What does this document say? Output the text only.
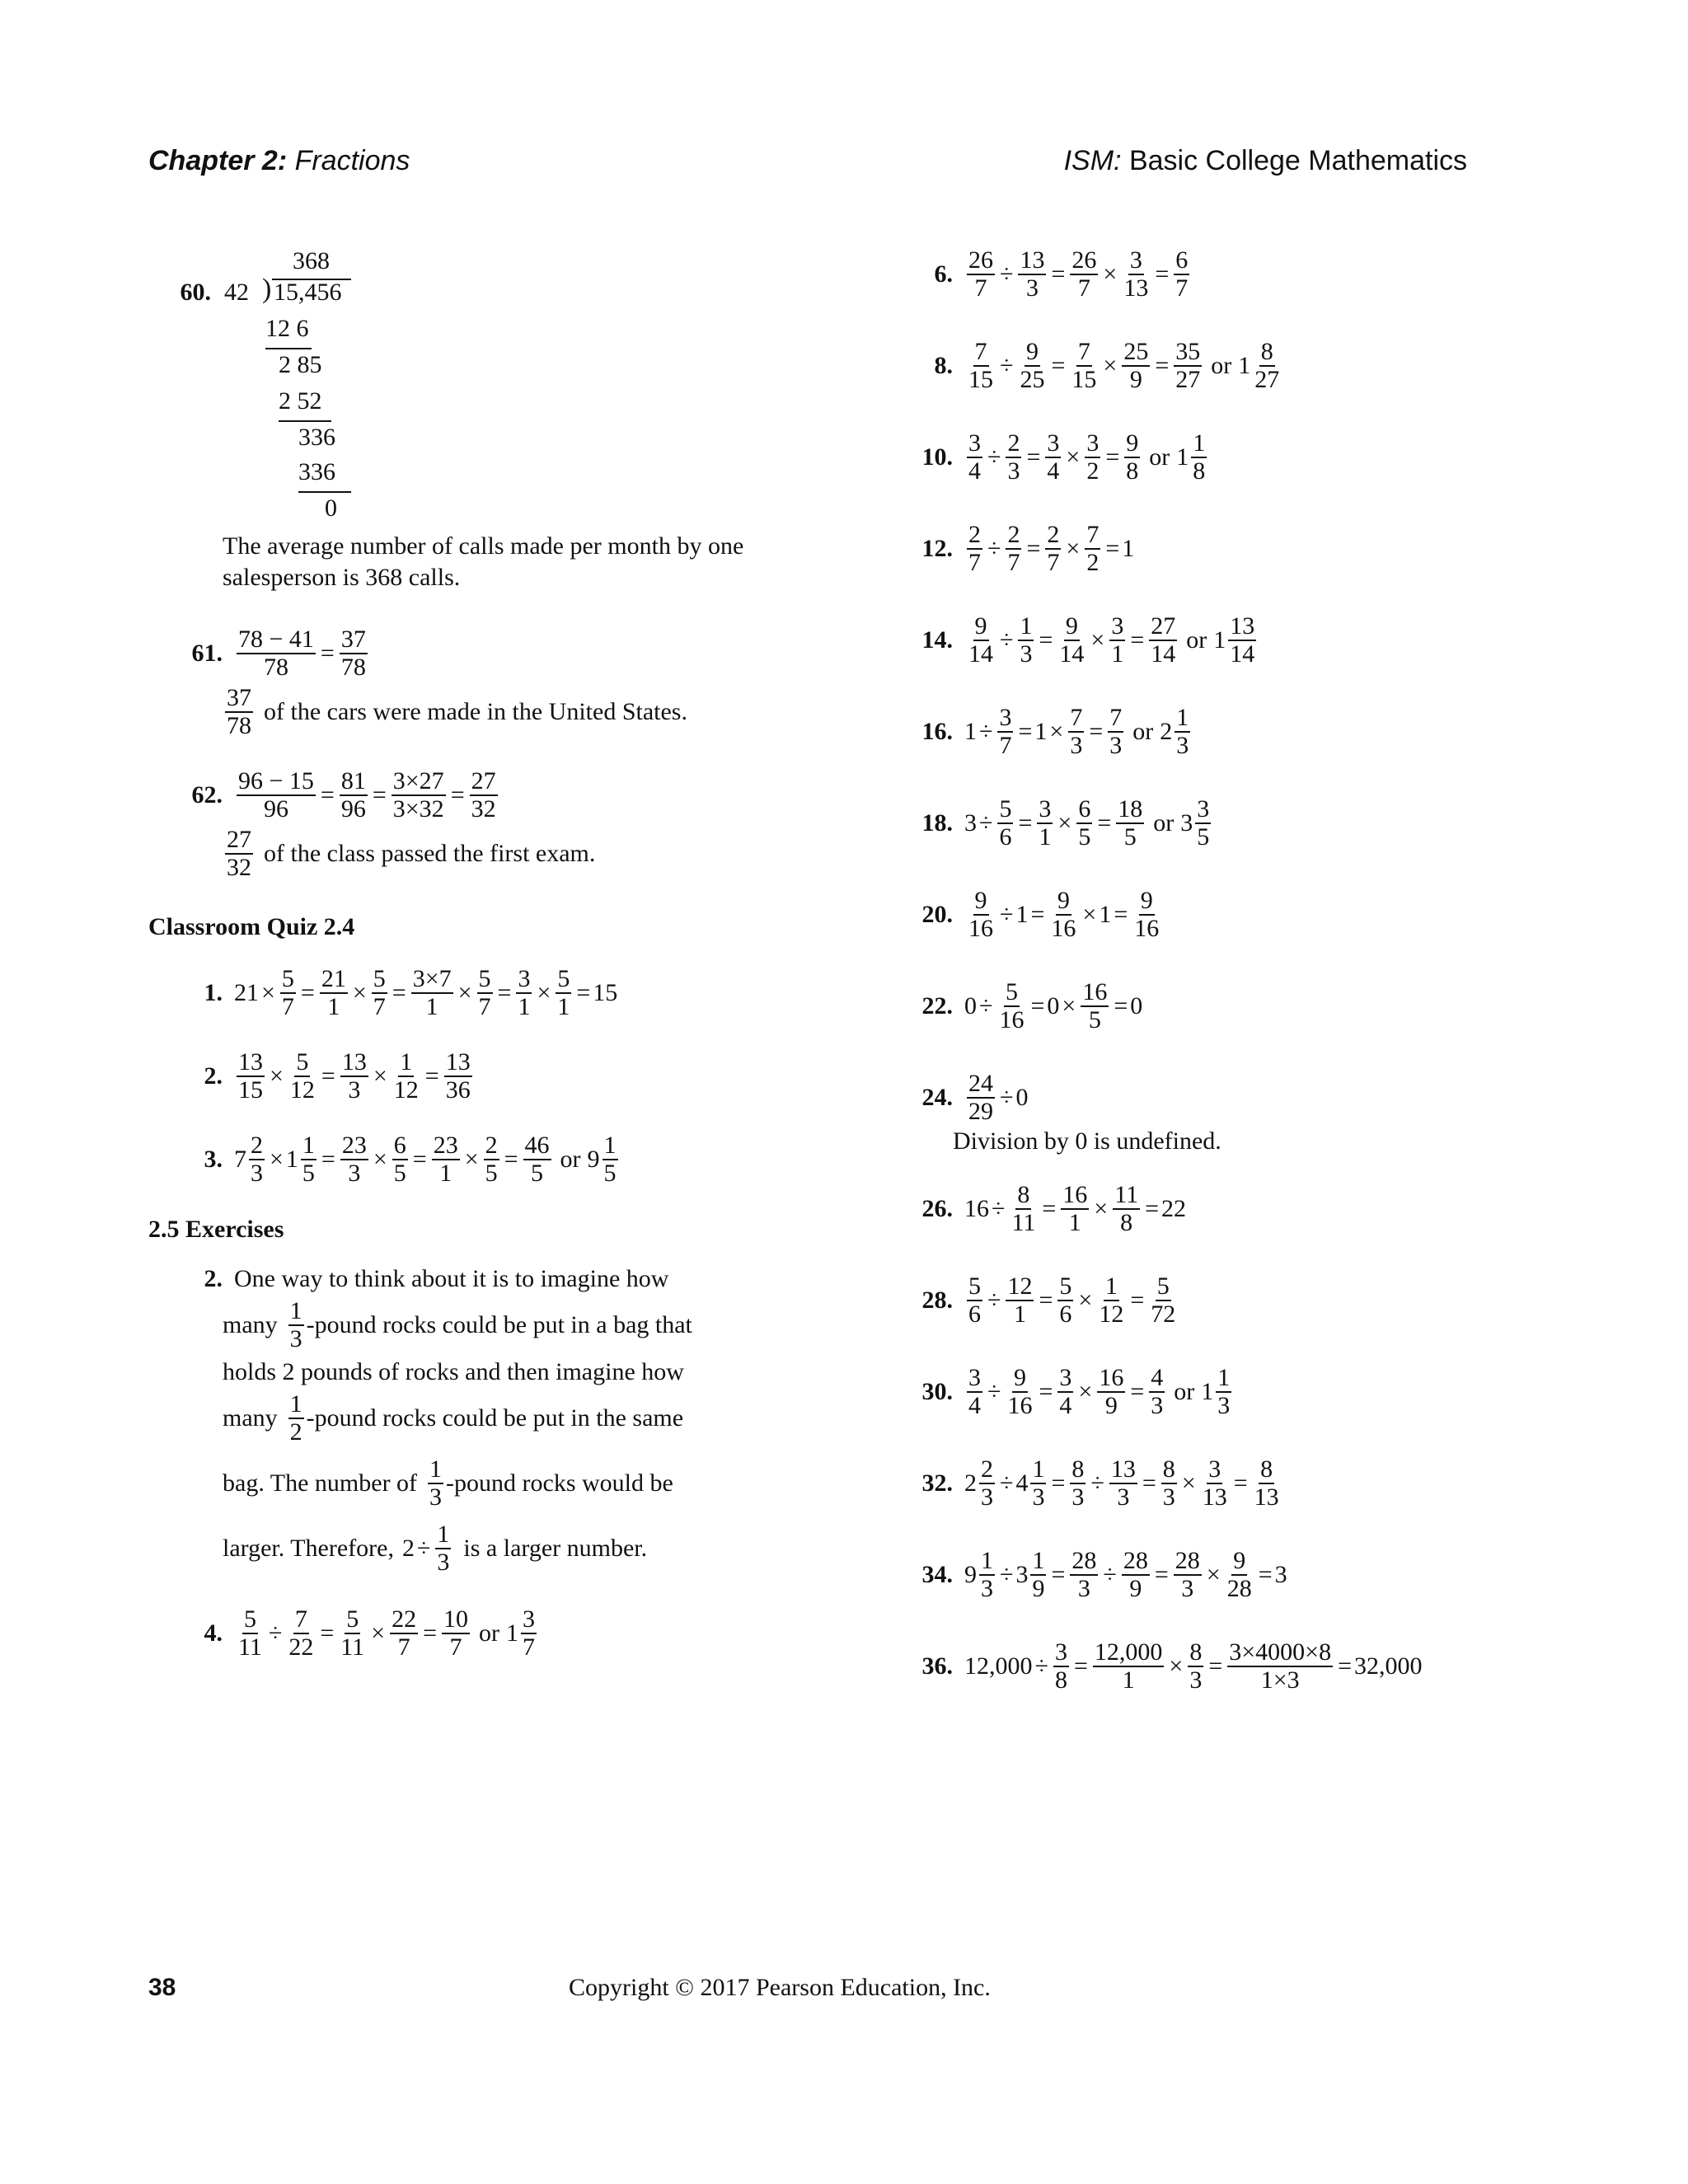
Chapter 2: Fractions	ISM: Basic College Mathematics
60.
368
42 ) 15,456
12 6
2 85
2 52
336
336
0
The average number of calls made per month by one salesperson is 368 calls.
61. $\frac{78 - 41}{78} = \frac{37}{78}$
$\frac{37}{78}$ of the cars were made in the United States.
62. $\frac{96 - 15}{96} = \frac{81}{96} = \frac{3\times 27}{3\times 32} = \frac{27}{32}$
$\frac{27}{32}$ of the class passed the first exam.
Classroom Quiz 2.4
1. $21 \times \frac{5}{7} = \frac{21}{1} \times \frac{5}{7} = \frac{3\times 7}{1} \times \frac{5}{7} = \frac{3}{1} \times \frac{5}{1} = 15$
2. $\frac{13}{15} \times \frac{5}{12} = \frac{13}{3} \times \frac{1}{12} = \frac{13}{36}$
3. $7 \frac{2}{3} \times 1 \frac{1}{5} = \frac{23}{3} \times \frac{6}{5} = \frac{23}{1} \times \frac{2}{5} = \frac{46}{5}$ or $9 \frac{1}{5}$
2.5 Exercises
2. One way to think about it is to imagine how
many $\frac{1}{3}$ -pound rocks could be put in a bag that
holds 2 pounds of rocks and then imagine how
many $\frac{1}{2}$ -pound rocks could be put in the same
bag. The number of $\frac{1}{3}$ -pound rocks would be
larger. Therefore, $2 \div \frac{1}{3}$ is a larger number.
4. $\frac{5}{11} \div \frac{7}{22} = \frac{5}{11} \times \frac{22}{7} = \frac{10}{7}$ or $1 \frac{3}{7}$
6. $\frac{26}{7} \div \frac{13}{3} = \frac{26}{7} \times \frac{3}{13} = \frac{6}{7}$
8. $\frac{7}{15} \div \frac{9}{25} = \frac{7}{15} \times \frac{25}{9} = \frac{35}{27}$ or $1 \frac{8}{27}$
10. $\frac{3}{4} \div \frac{2}{3} = \frac{3}{4} \times \frac{3}{2} = \frac{9}{8}$ or $1 \frac{1}{8}$
12. $\frac{2}{7} \div \frac{2}{7} = \frac{2}{7} \times \frac{7}{2} = 1$
14. $\frac{9}{14} \div \frac{1}{3} = \frac{9}{14} \times \frac{3}{1} = \frac{27}{14}$ or $1 \frac{13}{14}$
16. $1 \div \frac{3}{7} = 1 \times \frac{7}{3} = \frac{7}{3}$ or $2 \frac{1}{3}$
18. $3 \div \frac{5}{6} = \frac{3}{1} \times \frac{6}{5} = \frac{18}{5}$ or $3 \frac{3}{5}$
20. $\frac{9}{16} \div 1 = \frac{9}{16} \times 1 = \frac{9}{16}$
22. $0 \div \frac{5}{16} = 0 \times \frac{16}{5} = 0$
24. $\frac{24}{29} \div 0$
Division by 0 is undefined.
26. $16 \div \frac{8}{11} = \frac{16}{1} \times \frac{11}{8} = 22$
28. $\frac{5}{6} \div \frac{12}{1} = \frac{5}{6} \times \frac{1}{12} = \frac{5}{72}$
30. $\frac{3}{4} \div \frac{9}{16} = \frac{3}{4} \times \frac{16}{9} = \frac{4}{3}$ or $1 \frac{1}{3}$
32. $2 \frac{2}{3} \div 4 \frac{1}{3} = \frac{8}{3} \div \frac{13}{3} = \frac{8}{3} \times \frac{3}{13} = \frac{8}{13}$
34. $9 \frac{1}{3} \div 3 \frac{1}{9} = \frac{28}{3} \div \frac{28}{9} = \frac{28}{3} \times \frac{9}{28} = 3$
36. $12,000 \div \frac{3}{8} = \frac{12,000}{1} \times \frac{8}{3} = \frac{3\times 4000\times 8}{1\times 3} = 32,000$
38	Copyright © 2017 Pearson Education, Inc.
